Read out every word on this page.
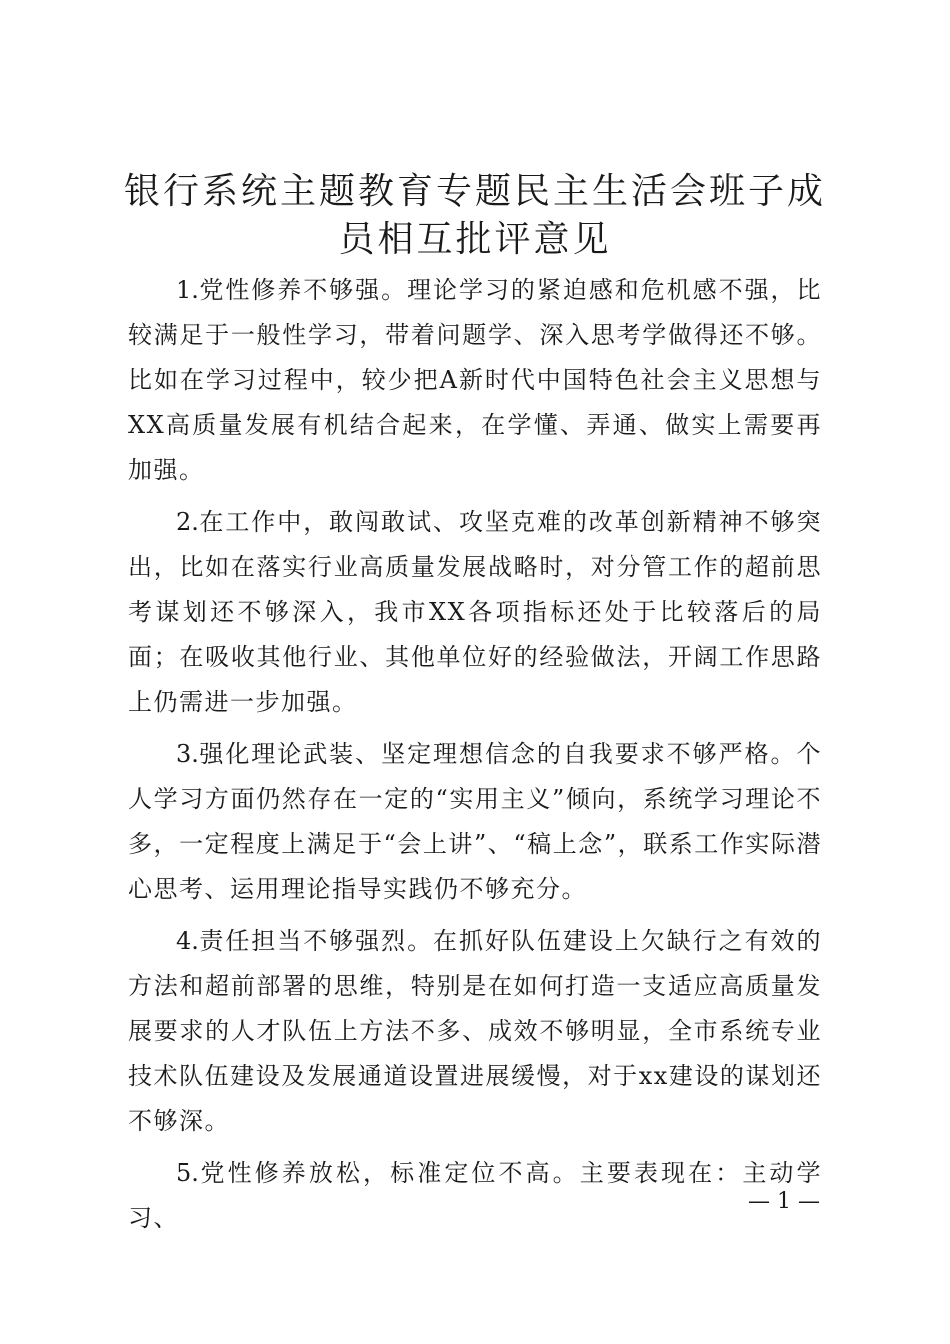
银行系统主题教育专题民主生活会班子成员相互批评意见

1.党性修养不够强。理论学习的紧迫感和危机感不强，比较满足于一般性学习，带着问题学、深入思考学做得还不够。比如在学习过程中，较少把A新时代中国特色社会主义思想与XX高质量发展有机结合起来，在学懂、弄通、做实上需要再加强。

2.在工作中，敢闯敢试、攻坚克难的改革创新精神不够突出，比如在落实行业高质量发展战略时，对分管工作的超前思考谋划还不够深入，我市XX各项指标还处于比较落后的局面；在吸收其他行业、其他单位好的经验做法，开阔工作思路上仍需进一步加强。

3.强化理论武装、坚定理想信念的自我要求不够严格。个人学习方面仍然存在一定的“实用主义”倾向，系统学习理论不多，一定程度上满足于“会上讲”、“稿上念”，联系工作实际潜心思考、运用理论指导实践仍不够充分。

4.责任担当不够强烈。在抓好队伍建设上欠缺行之有效的方法和超前部署的思维，特别是在如何打造一支适应高质量发展要求的人才队伍上方法不多、成效不够明显，全市系统专业技术队伍建设及发展通道设置进展缓慢，对于xx建设的谋划还不够深。

5.党性修养放松，标准定位不高。主要表现在：主动学习、

— 1 —
